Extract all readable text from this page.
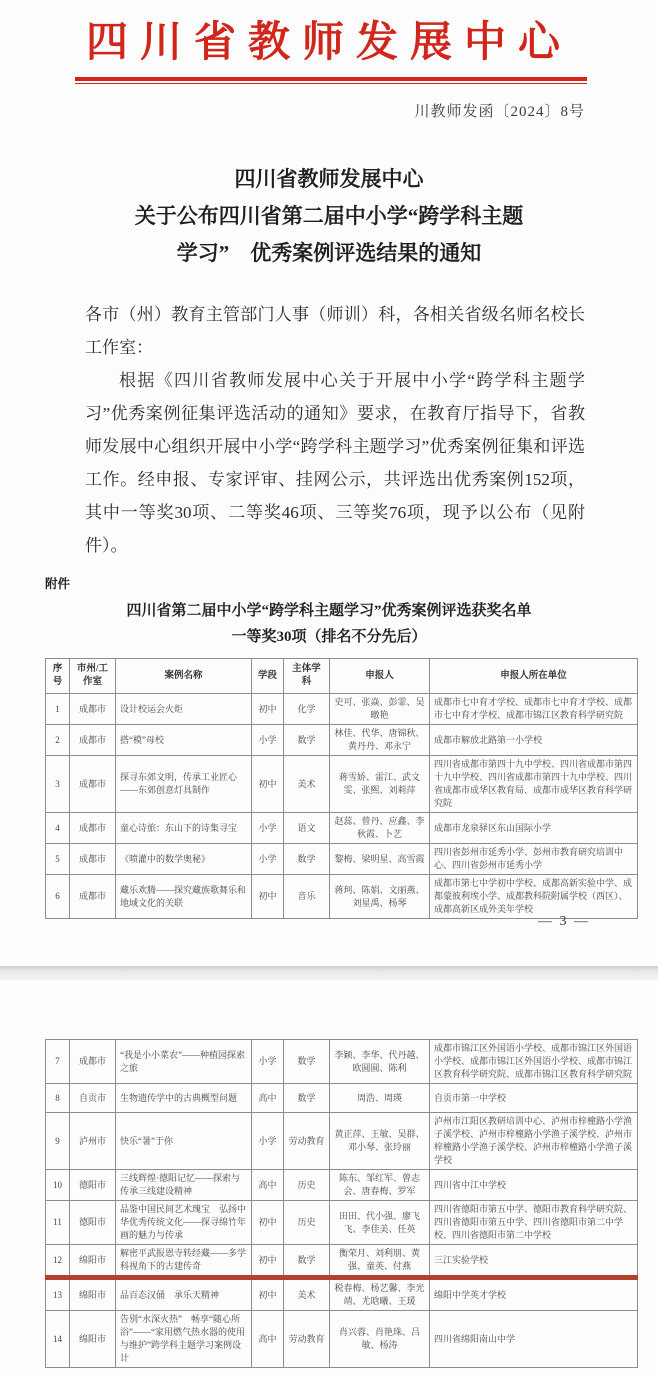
四川省教师发展中心
川教师发函〔2024〕8号
四川省教师发展中心
关于公布四川省第二届中小学“跨学科主题
学习”　优秀案例评选结果的通知

各市（州）教育主管部门人事（师训）科，各相关省级名师名校长工作室：

根据《四川省教师发展中心关于开展中小学“跨学科主题学习”优秀案例征集评选活动的通知》要求，在教育厅指导下，省教师发展中心组织开展中小学“跨学科主题学习”优秀案例征集和评选工作。经申报、专家评审、挂网公示，共评选出优秀案例152项，其中一等奖30项、二等奖46项、三等奖76项，现予以公布（见附件）。

附件
四川省第二届中小学“跨学科主题学习”优秀案例评选获奖名单
一等奖30项（排名不分先后）
序号	市州/工作室	案例名称	学段	主体学科	申报人	申报人所在单位
1	成都市	设计校运会火炬	初中	化学	史可、张焱、彭霏、吴暾艳	成都市七中育才学校、成都市七中育才学校、成都市七中育才学校、成都市锦江区教育科学研究院
2	成都市	搭“模”母校	小学	数学	林佳、代华、唐锦秋、黄丹丹、邓永宁	成都市解放北路第一小学校
3	成都市	探寻东郊文明，传承工业匠心——东郊创意灯具制作	初中	美术	蒋雪娇、雷江、武文雯、张熙、刘莉萍	四川省成都市第四十九中学校、四川省成都市第四十九中学校、四川省成都市第四十九中学校、四川省成都市成华区教育局、成都市成华区教育科学研究院
4	成都市	童心诗旅：东山下的诗集寻宝	小学	语文	赵蕊、曾丹、应鑫、李秋霞、卜艺	成都市龙泉驿区东山国际小学
5	成都市	《喷灌中的数学奥秘》	小学	数学	黎梅、梁明星、高雪霞	四川省彭州市延秀小学、彭州市教育研究培训中心、四川省彭州市延秀小学
6	成都市	藏乐欢腾——探究藏族歌舞乐和地域文化的关联	初中	音乐	蒋珂、陈娟、文丽燕、刘星禹、杨琴	成都市第七中学初中学校、成都高新实验中学、成都蒙彼利埃小学、成都教科院附属学校（西区）、成都高新区成外美年学校
— 3 —
7	成都市	“我是小小菜农”——种植园探索之旅	小学	数学	李颖、李华、代丹越、欧圆圆、陈利	成都市锦江区外国语小学校、成都市锦江区外国语小学校、成都市锦江区外国语小学校、成都市锦江区教育科学研究院、成都市锦江区教育科学研究院
8	自贡市	生物遗传学中的古典概型问题	高中	数学	周浩、周瑛	自贡市第一中学校
9	泸州市	快乐“暑”于你	小学	劳动教育	黄正萍、王敏、吴群、邓小琴、张玲丽	泸州市江阳区教研培训中心、泸州市梓橦路小学渔子溪学校、泸州市梓橦路小学渔子溪学校、泸州市梓橦路小学渔子溪学校、泸州市梓橦路小学渔子溪学校
10	德阳市	三线辉煌·德阳记忆——探索与传承三线建设精神	高中	历史	陈东、邹红军、曾志会、唐春梅、罗军	四川省中江中学校
11	德阳市	品鉴中国民间艺术瑰宝　弘扬中华优秀传统文化——探寻绵竹年画的魅力与传承	初中	历史	田田、代小强、廖飞飞、李佳美、任英	四川省德阳市第五中学、德阳市教育科学研究院、四川省德阳市第五中学、四川省德阳市第二中学校、四川省德阳市第二中学校
12	绵阳市	解密平武报恩寺转经藏——多学科视角下的古建传奇	初中	数学	衡荣月、刘利朋、黄强、童英、付燕	三江实验学校
13	绵阳市	品百态汉俑　承乐天精神	初中	美术	税春梅、杨艺馨、李光靖、尤晗曦、王瑗	绵阳中学英才学校
14	绵阳市	告别“水深火热”　畅享“随心所浴”——“家用燃气热水器的使用与维护”跨学科主题学习案例设计	高中	劳动教育	肖兴蓉、肖艳珠、吕敏、杨涛	四川省绵阳南山中学
